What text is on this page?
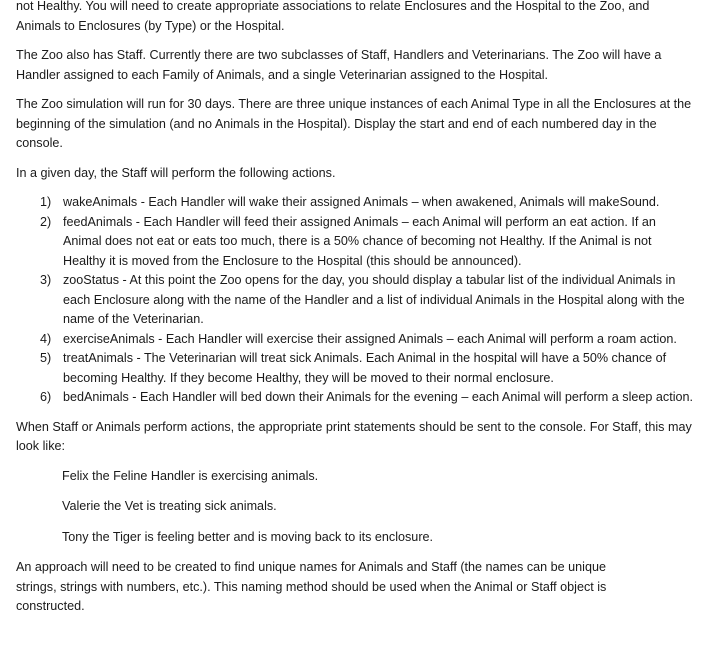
not Healthy. You will need to create appropriate associations to relate Enclosures and the Hospital to the Zoo, and Animals to Enclosures (by Type) or the Hospital.

The Zoo also has Staff. Currently there are two subclasses of Staff, Handlers and Veterinarians. The Zoo will have a Handler assigned to each Family of Animals, and a single Veterinarian assigned to the Hospital.

The Zoo simulation will run for 30 days. There are three unique instances of each Animal Type in all the Enclosures at the beginning of the simulation (and no Animals in the Hospital). Display the start and end of each numbered day in the console.

In a given day, the Staff will perform the following actions.

1) wakeAnimals - Each Handler will wake their assigned Animals – when awakened, Animals will makeSound.
2) feedAnimals - Each Handler will feed their assigned Animals – each Animal will perform an eat action. If an Animal does not eat or eats too much, there is a 50% chance of becoming not Healthy. If the Animal is not Healthy it is moved from the Enclosure to the Hospital (this should be announced).
3) zooStatus - At this point the Zoo opens for the day, you should display a tabular list of the individual Animals in each Enclosure along with the name of the Handler and a list of individual Animals in the Hospital along with the name of the Veterinarian.
4) exerciseAnimals - Each Handler will exercise their assigned Animals – each Animal will perform a roam action.
5) treatAnimals - The Veterinarian will treat sick Animals. Each Animal in the hospital will have a 50% chance of becoming Healthy. If they become Healthy, they will be moved to their normal enclosure.
6) bedAnimals - Each Handler will bed down their Animals for the evening – each Animal will perform a sleep action.

When Staff or Animals perform actions, the appropriate print statements should be sent to the console. For Staff, this may look like:

Felix the Feline Handler is exercising animals.

Valerie the Vet is treating sick animals.

Tony the Tiger is feeling better and is moving back to its enclosure.

An approach will need to be created to find unique names for Animals and Staff (the names can be unique
strings, strings with numbers, etc.). This naming method should be used when the Animal or Staff object is
constructed.
